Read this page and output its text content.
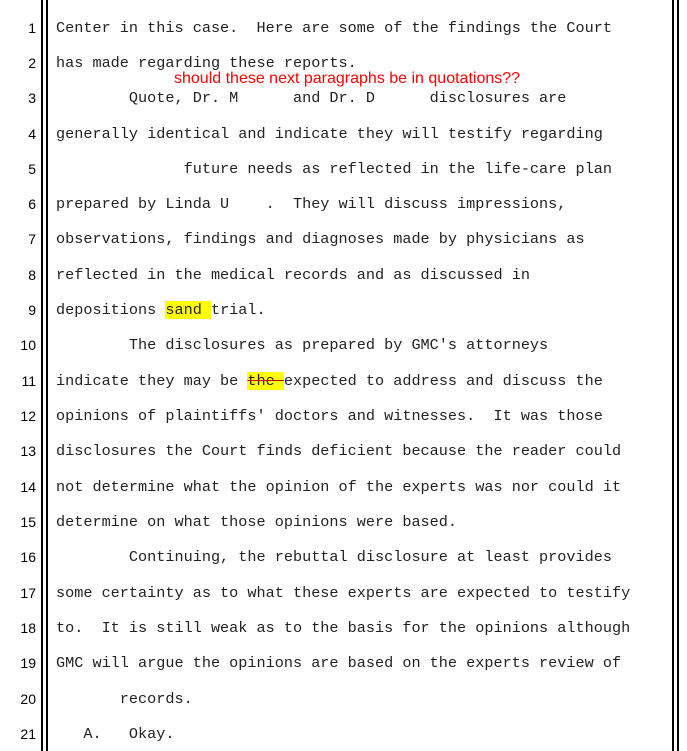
1
2
3
4
5
6
7
8
9
10
11
12
13
14
15
16
17
18
19
20
21
Center in this case.  Here are some of the findings the Court
has made regarding these reports.
Quote, Dr. M      and Dr. D      disclosures are
generally identical and indicate they will testify regarding
future needs as reflected in the life-care plan
prepared by Linda U    .  They will discuss impressions,
observations, findings and diagnoses made by physicians as
reflected in the medical records and as discussed in
depositions sand trial.
The disclosures as prepared by GMC's attorneys
indicate they may be the expected to address and discuss the
opinions of plaintiffs' doctors and witnesses.  It was those
disclosures the Court finds deficient because the reader could
not determine what the opinion of the experts was nor could it
determine on what those opinions were based.
Continuing, the rebuttal disclosure at least provides
some certainty as to what these experts are expected to testify
to.  It is still weak as to the basis for the opinions although
GMC will argue the opinions are based on the experts review of
records.
A.   Okay.
should these next paragraphs be in quotations??
